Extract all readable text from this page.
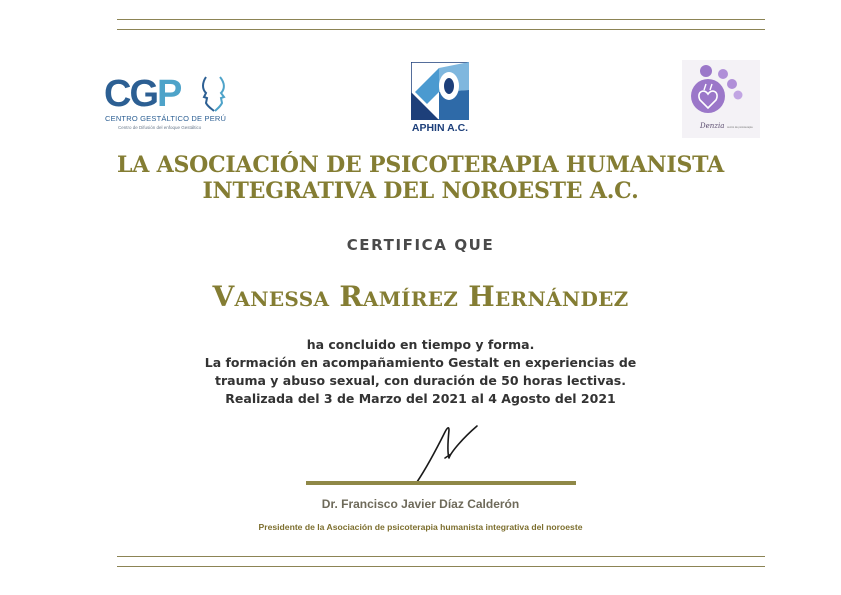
CGP
CENTRO GESTÁLTICO DE PERÚ
Centro de Difusión del enfoque Gestáltico	APHIN A.C.	Denzia centro de psicoterapia
LA ASOCIACIÓN DE PSICOTERAPIA HUMANISTA
INTEGRATIVA DEL NOROESTE A.C.
CERTIFICA QUE
Vanessa Ramírez Hernández
ha concluido en tiempo y forma.
La formación en acompañamiento Gestalt en experiencias de
trauma y abuso sexual, con duración de 50 horas lectivas.
Realizada del 3 de Marzo del 2021 al 4 Agosto del 2021
Dr. Francisco Javier Díaz Calderón
Presidente de la Asociación de psicoterapia humanista integrativa del noroeste
